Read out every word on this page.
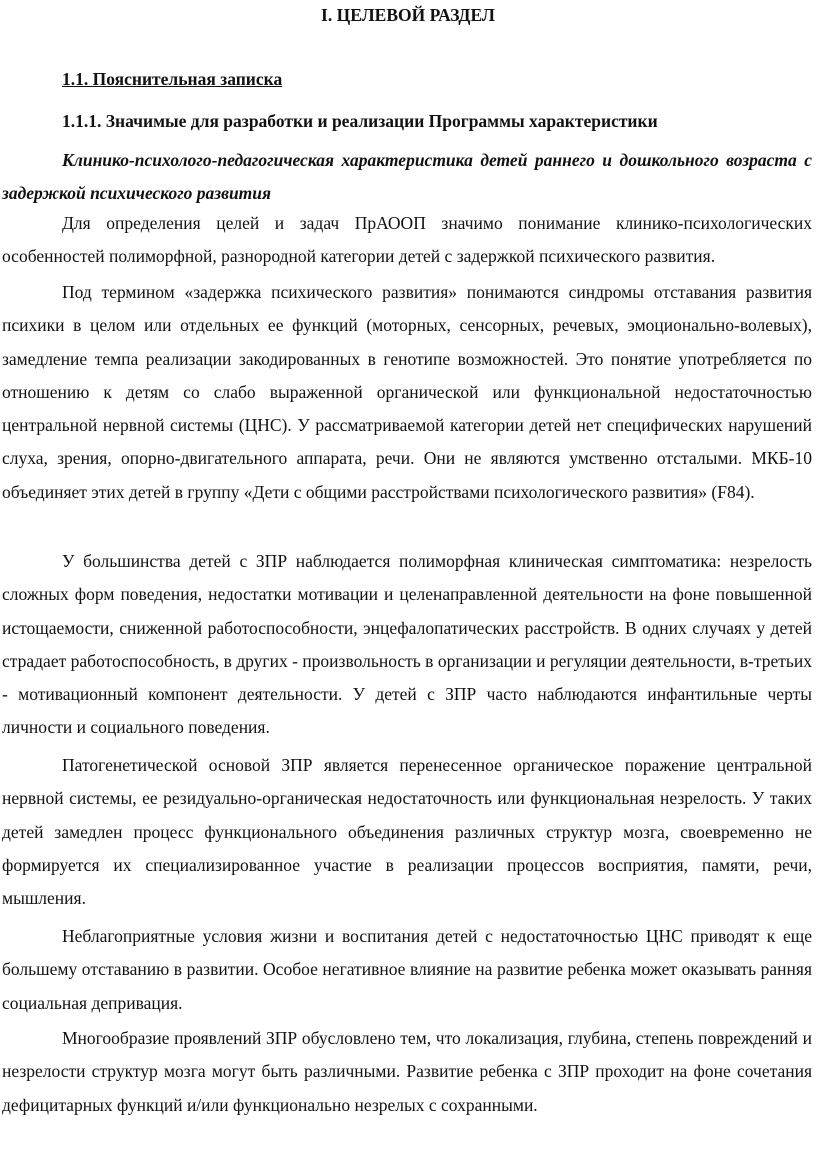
I. ЦЕЛЕВОЙ РАЗДЕЛ
1.1. Пояснительная записка
1.1.1. Значимые для разработки и реализации Программы характеристики
Клинико-психолого-педагогическая характеристика детей раннего и дошкольного возраста с задержкой психического развития

Для определения целей и задач ПрАООП значимо понимание клинико-психологических особенностей полиморфной, разнородной категории детей с задержкой психического развития.

Под термином «задержка психического развития» понимаются синдромы отставания развития психики в целом или отдельных ее функций (моторных, сенсорных, речевых, эмоционально-волевых), замедление темпа реализации закодированных в генотипе возможностей. Это понятие употребляется по отношению к детям со слабо выраженной органической или функциональной недостаточностью центральной нервной системы (ЦНС). У рассматриваемой категории детей нет специфических нарушений слуха, зрения, опорно-двигательного аппарата, речи. Они не являются умственно отсталыми. МКБ-10 объединяет этих детей в группу «Дети с общими расстройствами психологического развития» (F84).

У большинства детей с ЗПР наблюдается полиморфная клиническая симптоматика: незрелость сложных форм поведения, недостатки мотивации и целенаправленной деятельности на фоне повышенной истощаемости, сниженной работоспособности, энцефалопатических расстройств. В одних случаях у детей страдает работоспособность, в других - произвольность в организации и регуляции деятельности, в-третьих - мотивационный компонент деятельности. У детей с ЗПР часто наблюдаются инфантильные черты личности и социального поведения.

Патогенетической основой ЗПР является перенесенное органическое поражение центральной нервной системы, ее резидуально-органическая недостаточность или функциональная незрелость. У таких детей замедлен процесс функционального объединения различных структур мозга, своевременно не формируется их специализированное участие в реализации процессов восприятия, памяти, речи, мышления.

Неблагоприятные условия жизни и воспитания детей с недостаточностью ЦНС приводят к еще большему отставанию в развитии. Особое негативное влияние на развитие ребенка может оказывать ранняя социальная депривация.

Многообразие проявлений ЗПР обусловлено тем, что локализация, глубина, степень повреждений и незрелости структур мозга могут быть различными. Развитие ребенка с ЗПР проходит на фоне сочетания дефицитарных функций и/или функционально незрелых с сохранными.
